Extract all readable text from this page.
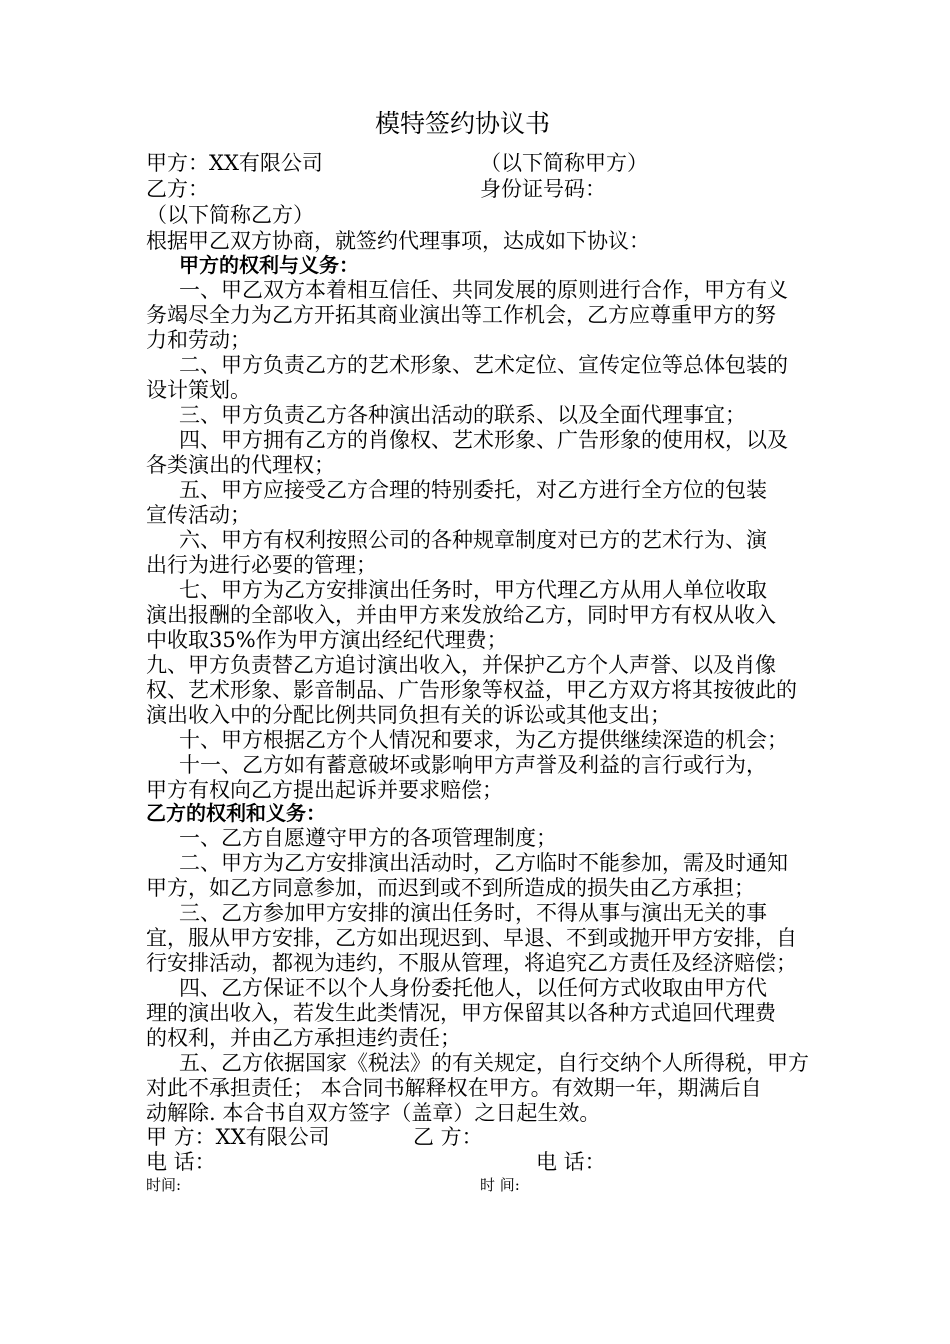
模特签约协议书
甲方：XX有限公司	（以下简称甲方）
乙方：	身份证号码：
（以下简称乙方）
根据甲乙双方协商，就签约代理事项，达成如下协议：
甲方的权利与义务：
一、甲乙双方本着相互信任、共同发展的原则进行合作，甲方有义
务竭尽全力为乙方开拓其商业演出等工作机会，乙方应尊重甲方的努
力和劳动；
二、甲方负责乙方的艺术形象、艺术定位、宣传定位等总体包装的
设计策划。
三、甲方负责乙方各种演出活动的联系、以及全面代理事宜；
四、甲方拥有乙方的肖像权、艺术形象、广告形象的使用权，以及
各类演出的代理权；
五、甲方应接受乙方合理的特别委托，对乙方进行全方位的包装
宣传活动；
六、甲方有权利按照公司的各种规章制度对已方的艺术行为、演
出行为进行必要的管理；
七、甲方为乙方安排演出任务时，甲方代理乙方从用人单位收取
演出报酬的全部收入，并由甲方来发放给乙方，同时甲方有权从收入
中收取35%作为甲方演出经纪代理费；
九、甲方负责替乙方追讨演出收入，并保护乙方个人声誉、以及肖像
权、艺术形象、影音制品、广告形象等权益，甲乙方双方将其按彼此的
演出收入中的分配比例共同负担有关的诉讼或其他支出；
十、甲方根据乙方个人情况和要求，为乙方提供继续深造的机会；
十一、乙方如有蓄意破坏或影响甲方声誉及利益的言行或行为，
甲方有权向乙方提出起诉并要求赔偿；
乙方的权利和义务：
一、乙方自愿遵守甲方的各项管理制度；
二、甲方为乙方安排演出活动时，乙方临时不能参加，需及时通知
甲方，如乙方同意参加，而迟到或不到所造成的损失由乙方承担；
三、乙方参加甲方安排的演出任务时，不得从事与演出无关的事
宜，服从甲方安排，乙方如出现迟到、早退、不到或抛开甲方安排，自
行安排活动，都视为违约，不服从管理，将追究乙方责任及经济赔偿；
四、乙方保证不以个人身份委托他人，以任何方式收取由甲方代
理的演出收入，若发生此类情况，甲方保留其以各种方式追回代理费
的权利，并由乙方承担违约责任；
五、乙方依据国家《税法》的有关规定，自行交纳个人所得税，甲方
对此不承担责任； 本合同书解释权在甲方。有效期一年，期满后自
动解除. 本合书自双方签字（盖章）之日起生效。
甲 方：XX有限公司	乙 方：
电 话：	电 话：
时间:	时 间:
